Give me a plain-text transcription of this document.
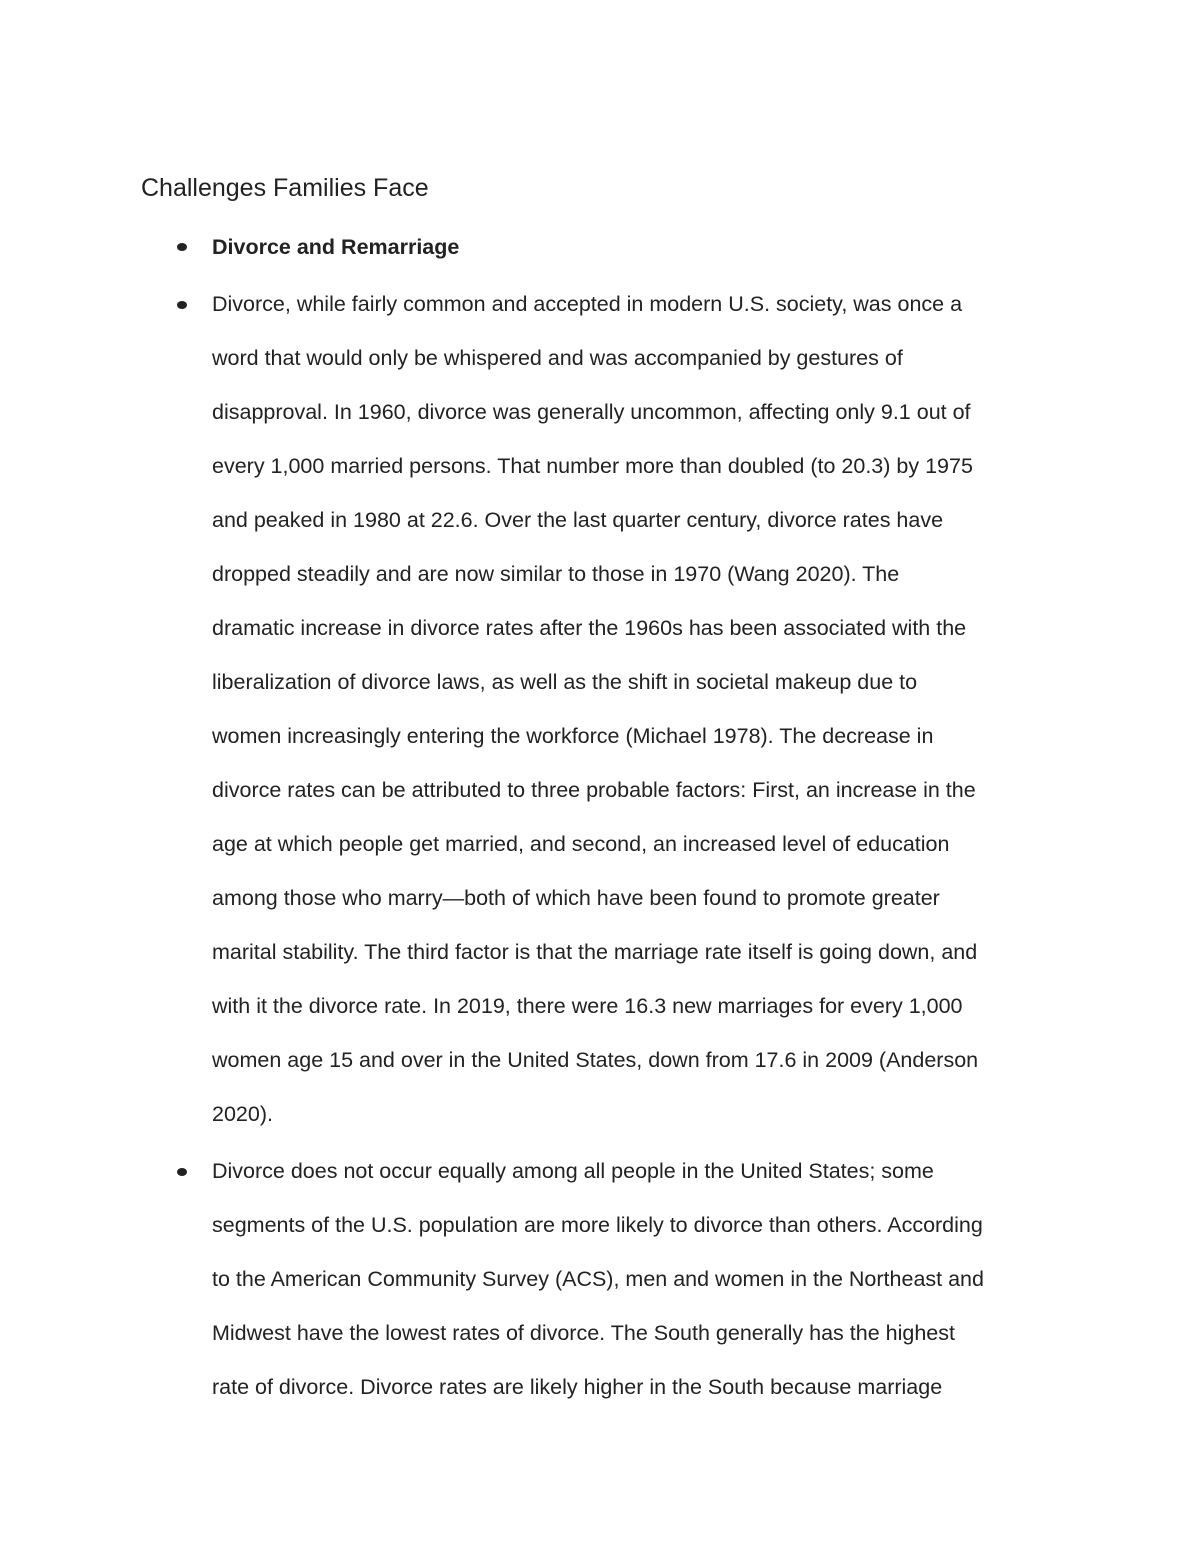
Challenges Families Face

Divorce and Remarriage

Divorce, while fairly common and accepted in modern U.S. society, was once a
word that would only be whispered and was accompanied by gestures of
disapproval. In 1960, divorce was generally uncommon, affecting only 9.1 out of
every 1,000 married persons. That number more than doubled (to 20.3) by 1975
and peaked in 1980 at 22.6. Over the last quarter century, divorce rates have
dropped steadily and are now similar to those in 1970 (Wang 2020). The
dramatic increase in divorce rates after the 1960s has been associated with the
liberalization of divorce laws, as well as the shift in societal makeup due to
women increasingly entering the workforce (Michael 1978). The decrease in
divorce rates can be attributed to three probable factors: First, an increase in the
age at which people get married, and second, an increased level of education
among those who marry—both of which have been found to promote greater
marital stability. The third factor is that the marriage rate itself is going down, and
with it the divorce rate. In 2019, there were 16.3 new marriages for every 1,000
women age 15 and over in the United States, down from 17.6 in 2009 (Anderson
2020).

Divorce does not occur equally among all people in the United States; some
segments of the U.S. population are more likely to divorce than others. According
to the American Community Survey (ACS), men and women in the Northeast and
Midwest have the lowest rates of divorce. The South generally has the highest
rate of divorce. Divorce rates are likely higher in the South because marriage
